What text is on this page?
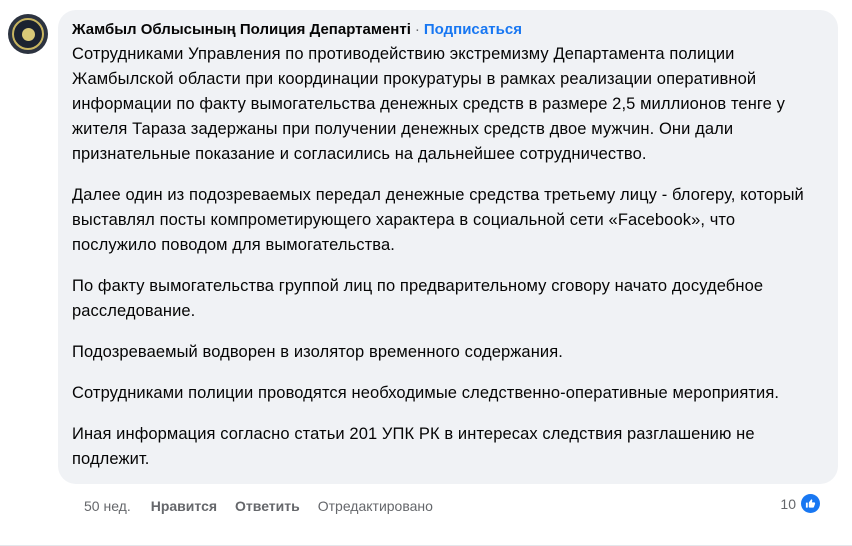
Жамбыл Облысының Полиция Департаменті · Подписаться

Сотрудниками Управления по противодействию экстремизму Департамента полиции Жамбылской области при координации прокуратуры в рамках реализации оперативной информации по факту вымогательства денежных средств в размере 2,5 миллионов тенге у жителя Тараза задержаны при получении денежных средств двое мужчин. Они дали признательные показание и согласились на дальнейшее сотрудничество.

Далее один из подозреваемых передал денежные средства третьему лицу - блогеру, который выставлял посты компрометирующего характера в социальной сети «Facebook», что послужило поводом для вымогательства.

По факту вымогательства группой лиц по предварительному сговору начато досудебное расследование.

Подозреваемый водворен в изолятор временного содержания.

Сотрудниками полиции проводятся необходимые следственно-оперативные мероприятия.

Иная информация согласно статьи 201 УПК РК в интересах следствия разглашению не подлежит.

50 нед. Нравится Ответить Отредактировано	10
